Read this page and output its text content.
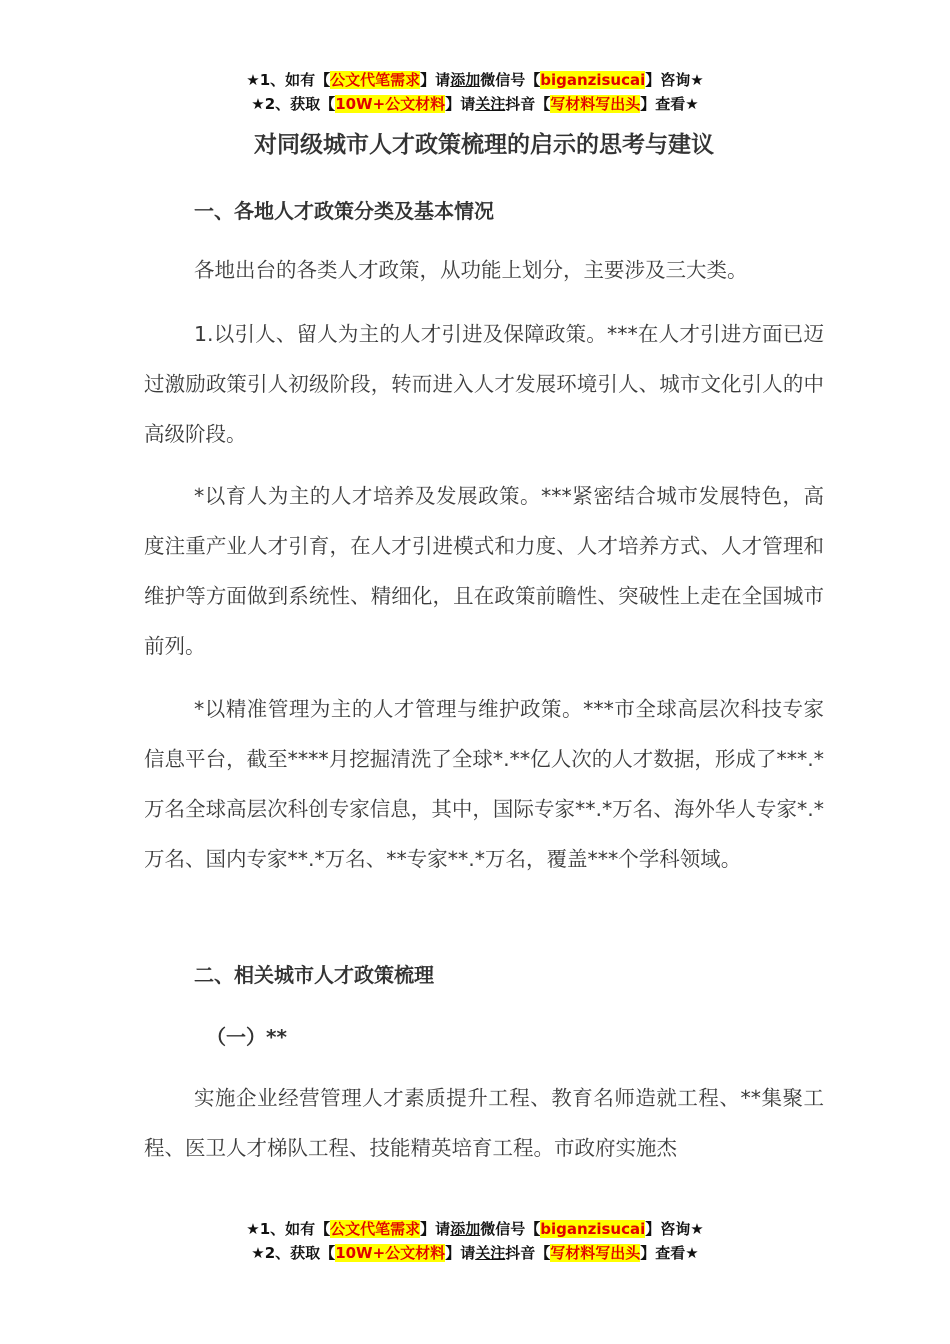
★1、如有【公文代笔需求】请添加微信号【biganzisucai】咨询★
★2、获取【10W+公文材料】请关注抖音【写材料写出头】查看★
对同级城市人才政策梳理的启示的思考与建议
一、各地人才政策分类及基本情况

各地出台的各类人才政策，从功能上划分，主要涉及三大类。

1.以引人、留人为主的人才引进及保障政策。***在人才引进方面已迈过激励政策引人初级阶段，转而进入人才发展环境引人、城市文化引人的中高级阶段。

*以育人为主的人才培养及发展政策。***紧密结合城市发展特色，高度注重产业人才引育，在人才引进模式和力度、人才培养方式、人才管理和维护等方面做到系统性、精细化，且在政策前瞻性、突破性上走在全国城市前列。

*以精准管理为主的人才管理与维护政策。***市全球高层次科技专家信息平台，截至****月挖掘清洗了全球*.**亿人次的人才数据，形成了***.*万名全球高层次科创专家信息，其中，国际专家**.*万名、海外华人专家*.*万名、国内专家**.*万名、**专家**.*万名，覆盖***个学科领域。

二、相关城市人才政策梳理
（一）**

实施企业经营管理人才素质提升工程、教育名师造就工程、**集聚工程、医卫人才梯队工程、技能精英培育工程。市政府实施杰

★1、如有【公文代笔需求】请添加微信号【biganzisucai】咨询★
★2、获取【10W+公文材料】请关注抖音【写材料写出头】查看★
